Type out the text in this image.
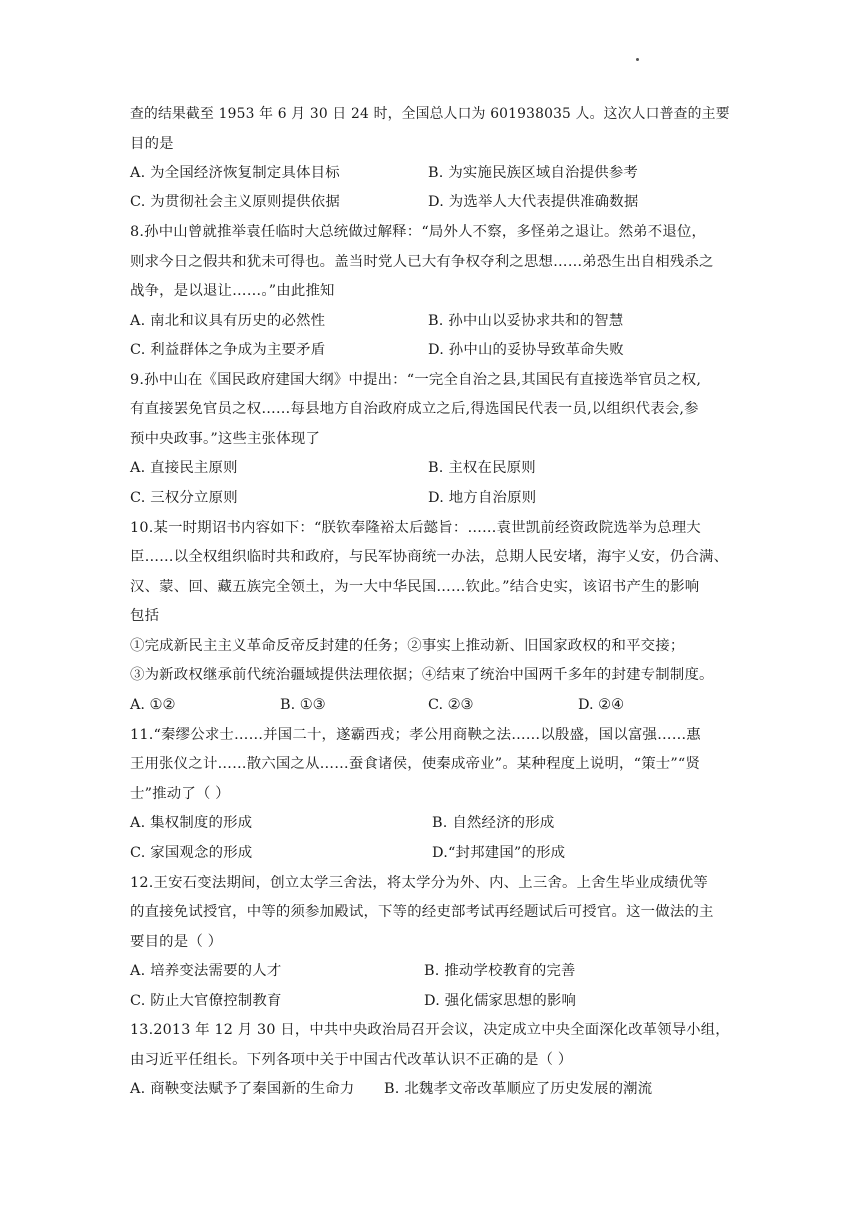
查的结果截至 1953 年 6 月 30 日 24 时，全国总人口为 601938035 人。这次人口普查的主要
目的是
A. 为全国经济恢复制定具体目标	B. 为实施民族区域自治提供参考
C. 为贯彻社会主义原则提供依据	D. 为选举人大代表提供准确数据
8.孙中山曾就推举袁任临时大总统做过解释：“局外人不察，多怪弟之退让。然弟不退位，
则求今日之假共和犹未可得也。盖当时党人已大有争权夺利之思想……弟恐生出自相残杀之
战争，是以退让……。”由此推知
A. 南北和议具有历史的必然性	B. 孙中山以妥协求共和的智慧
C. 利益群体之争成为主要矛盾	D. 孙中山的妥协导致革命失败
9.孙中山在《国民政府建国大纲》中提出：“一完全自治之县,其国民有直接选举官员之权,
有直接罢免官员之权……每县地方自治政府成立之后,得选国民代表一员,以组织代表会,参
预中央政事。”这些主张体现了
A. 直接民主原则	B. 主权在民原则
C. 三权分立原则	D. 地方自治原则
10.某一时期诏书内容如下：“朕钦奉隆裕太后懿旨：……袁世凯前经资政院选举为总理大
臣……以全权组织临时共和政府，与民军协商统一办法，总期人民安堵，海宇乂安，仍合满、
汉、蒙、回、藏五族完全领土，为一大中华民国……钦此。”结合史实，该诏书产生的影响
包括
①完成新民主主义革命反帝反封建的任务；②事实上推动新、旧国家政权的和平交接；
③为新政权继承前代统治疆域提供法理依据；④结束了统治中国两千多年的封建专制制度。
A. ①②	B. ①③	C. ②③	D. ②④
11.“秦缪公求士……并国二十，遂霸西戎；孝公用商鞅之法……以殷盛，国以富强……惠
王用张仪之计……散六国之从……蚕食诸侯，使秦成帝业”。某种程度上说明，“策士”“贤
士”推动了（ ）
A. 集权制度的形成	B. 自然经济的形成
C. 家国观念的形成	D.“封邦建国”的形成
12.王安石变法期间，创立太学三舍法，将太学分为外、内、上三舍。上舍生毕业成绩优等
的直接免试授官，中等的须参加殿试，下等的经吏部考试再经题试后可授官。这一做法的主
要目的是（ ）
A. 培养变法需要的人才	B. 推动学校教育的完善
C. 防止大官僚控制教育	D. 强化儒家思想的影响
13.2013 年 12 月 30 日，中共中央政治局召开会议，决定成立中央全面深化改革领导小组，
由习近平任组长。下列各项中关于中国古代改革认识不正确的是（ ）
A. 商鞅变法赋予了秦国新的生命力 B. 北魏孝文帝改革顺应了历史发展的潮流
